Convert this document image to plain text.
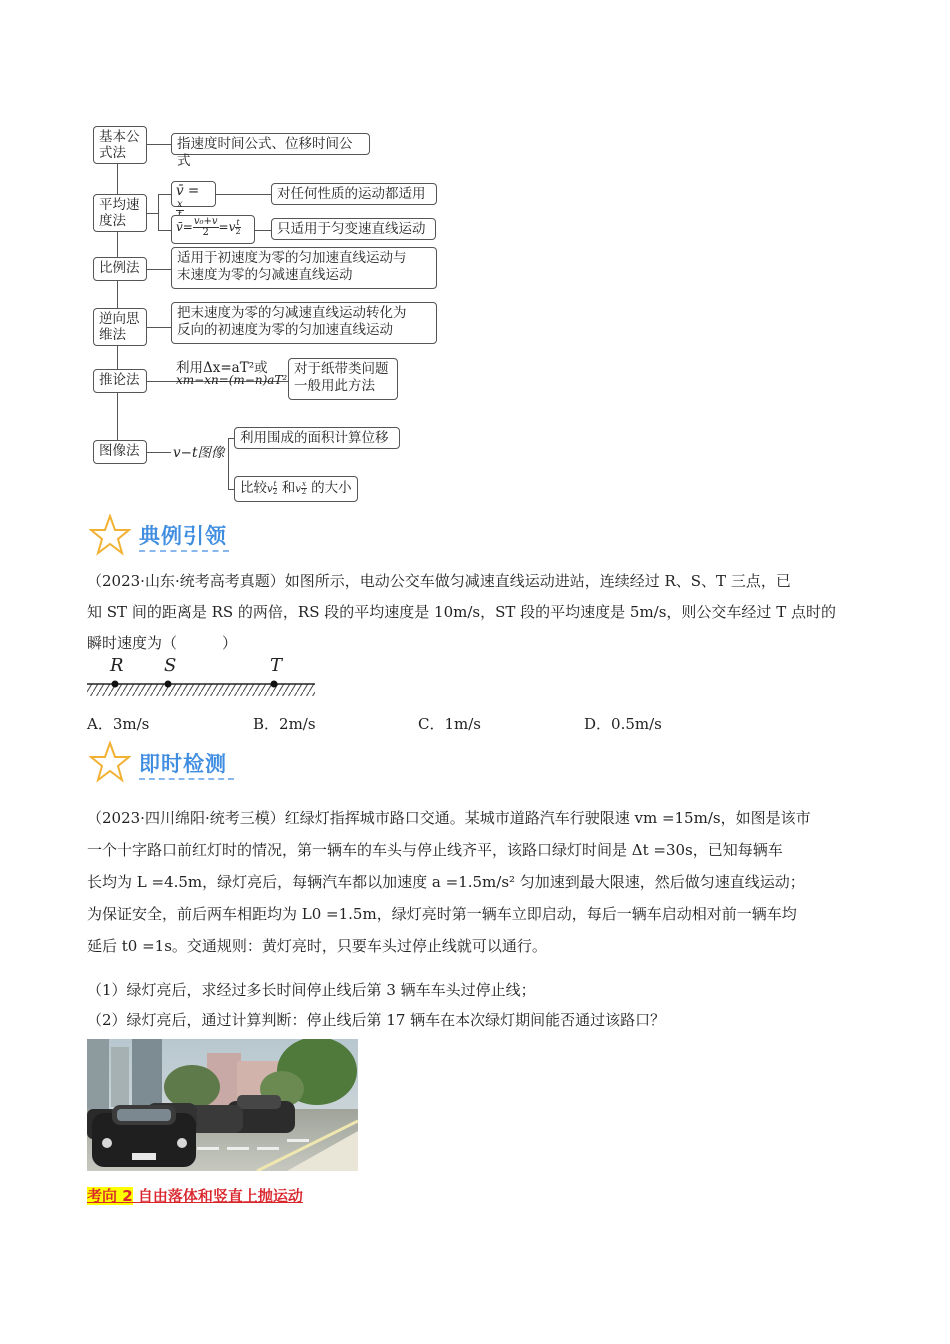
基本公
式法
平均速
度法
比例法
逆向思
维法
推论法
图像法
指速度时间公式、位移时间公式
v̄ =
x
对任何性质的运动都适用
v̄= $\frac{\text{v₀+v}}{2} =v \frac{t}{2}$	只适用于匀变速直线运动
适用于初速度为零的匀加速直线运动与
末速度为零的匀减速直线运动
把末速度为零的匀减速直线运动转化为
反向的初速度为零的匀加速直线运动
利用Δx=aT²或
xm−xn=(m−n)aT²
对于纸带类问题
一般用此方法
v−t图像
利用围成的面积计算位移
比较v $\frac{t}{2}$ 和v $\frac{x}{2}$ 的大小
典例引领
（2023·山东·统考高考真题）如图所示，电动公交车做匀减速直线运动进站，连续经过 R、S、T 三点，已
知 ST 间的距离是 RS 的两倍，RS 段的平均速度是 10m/s，ST 段的平均速度是 5m/s，则公交车经过 T 点时的
瞬时速度为（　　　）
R S	T
A．3m/s	B．2m/s	C．1m/s	D．0.5m/s
即时检测
（2023·四川绵阳·统考三模）红绿灯指挥城市路口交通。某城市道路汽车行驶限速 vm =15m/s，如图是该市
一个十字路口前红灯时的情况，第一辆车的车头与停止线齐平，该路口绿灯时间是 Δt =30s，已知每辆车
长均为 L =4.5m，绿灯亮后，每辆汽车都以加速度 a =1.5m/s² 匀加速到最大限速，然后做匀速直线运动；
为保证安全，前后两车相距均为 L0 =1.5m，绿灯亮时第一辆车立即启动，每后一辆车启动相对前一辆车均
延后 t0 =1s。交通规则：黄灯亮时，只要车头过停止线就可以通行。
（1）绿灯亮后，求经过多长时间停止线后第 3 辆车车头过停止线；
（2）绿灯亮后，通过计算判断：停止线后第 17 辆车在本次绿灯期间能否通过该路口？
考向 2 自由落体和竖直上抛运动
